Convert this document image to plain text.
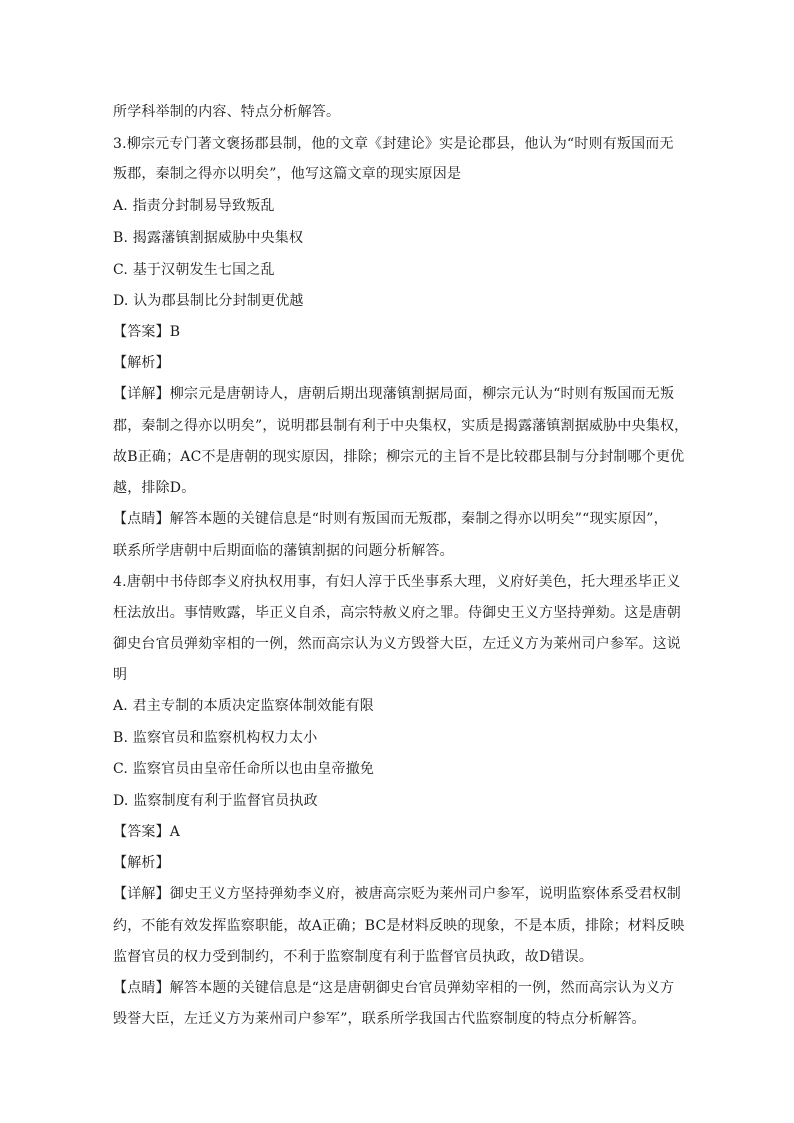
所学科举制的内容、特点分析解答。
3.柳宗元专门著文褒扬郡县制，他的文章《封建论》实是论郡县，他认为“时则有叛国而无
叛郡，秦制之得亦以明矣”，他写这篇文章的现实原因是
A. 指责分封制易导致叛乱
B. 揭露藩镇割据威胁中央集权
C. 基于汉朝发生七国之乱
D. 认为郡县制比分封制更优越
【答案】B
【解析】
【详解】柳宗元是唐朝诗人，唐朝后期出现藩镇割据局面，柳宗元认为“时则有叛国而无叛
郡，秦制之得亦以明矣”，说明郡县制有利于中央集权，实质是揭露藩镇割据威胁中央集权，
故B正确；AC不是唐朝的现实原因，排除；柳宗元的主旨不是比较郡县制与分封制哪个更优
越，排除D。
【点睛】解答本题的关键信息是“时则有叛国而无叛郡，秦制之得亦以明矣”“现实原因”，
联系所学唐朝中后期面临的藩镇割据的问题分析解答。
4.唐朝中书侍郎李义府执权用事，有妇人淳于氏坐事系大理，义府好美色，托大理丞毕正义
枉法放出。事情败露，毕正义自杀，高宗特赦义府之罪。侍御史王义方坚持弹劾。这是唐朝
御史台官员弹劾宰相的一例，然而高宗认为义方毁誉大臣，左迁义方为莱州司户参军。这说
明
A. 君主专制的本质决定监察体制效能有限
B. 监察官员和监察机构权力太小
C. 监察官员由皇帝任命所以也由皇帝撤免
D. 监察制度有利于监督官员执政
【答案】A
【解析】
【详解】御史王义方坚持弹劾李义府，被唐高宗贬为莱州司户参军，说明监察体系受君权制
约，不能有效发挥监察职能，故A正确；BC是材料反映的现象，不是本质，排除；材料反映
监督官员的权力受到制约，不利于监察制度有利于监督官员执政，故D错误。
【点睛】解答本题的关键信息是“这是唐朝御史台官员弹劾宰相的一例，然而高宗认为义方
毁誉大臣，左迁义方为莱州司户参军”，联系所学我国古代监察制度的特点分析解答。
